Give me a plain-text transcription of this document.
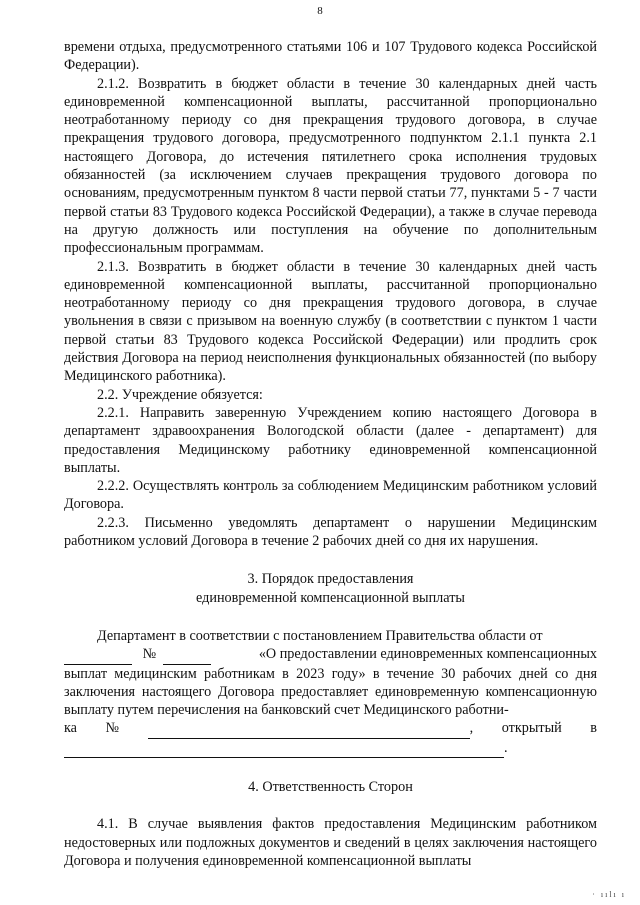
8

времени отдыха, предусмотренного статьями 106 и 107 Трудового кодекса Российской Федерации).

2.1.2. Возвратить в бюджет области в течение 30 календарных дней часть единовременной компенсационной выплаты, рассчитанной пропорционально неотработанному периоду со дня прекращения трудового договора, в случае прекращения трудового договора, предусмотренного подпунктом 2.1.1 пункта 2.1 настоящего Договора, до истечения пятилетнего срока исполнения трудовых обязанностей (за исключением случаев прекращения трудового договора по основаниям, предусмотренным пунктом 8 части первой статьи 77, пунктами 5 - 7 части первой статьи 83 Трудового кодекса Российской Федерации), а также в случае перевода на другую должность или поступления на обучение по дополнительным профессиональным программам.

2.1.3. Возвратить в бюджет области в течение 30 календарных дней часть единовременной компенсационной выплаты, рассчитанной пропорционально неотработанному периоду со дня прекращения трудового договора, в случае увольнения в связи с призывом на военную службу (в соответствии с пунктом 1 части первой статьи 83 Трудового кодекса Российской Федерации) или продлить срок действия Договора на период неисполнения функциональных обязанностей (по выбору Медицинского работника).

2.2. Учреждение обязуется:

2.2.1. Направить заверенную Учреждением копию настоящего Договора в департамент здравоохранения Вологодской области (далее - департамент) для предоставления Медицинскому работнику единовременной компенсационной выплаты.

2.2.2. Осуществлять контроль за соблюдением Медицинским работником условий Договора.

2.2.3. Письменно уведомлять департамент о нарушении Медицинским работником условий Договора в течение 2 рабочих дней со дня их нарушения.

3. Порядок предоставления
единовременной компенсационной выплаты

Департамент в соответствии с постановлением Правительства области от

№	«О предоставлении единовременных компенсационных

выплат медицинским работникам в 2023 году» в течение 30 рабочих дней со дня заключения настоящего Договора предоставляет единовременную компенсационную выплату путем перечисления на банковский счет Медицинского работни-

ка №	, открытый в
.
4. Ответственность Сторон

4.1. В случае выявления фактов предоставления Медицинским работником недостоверных или подложных документов и сведений в целях заключения настоящего Договора и получения единовременной компенсационной выплаты

· ıılı ı
